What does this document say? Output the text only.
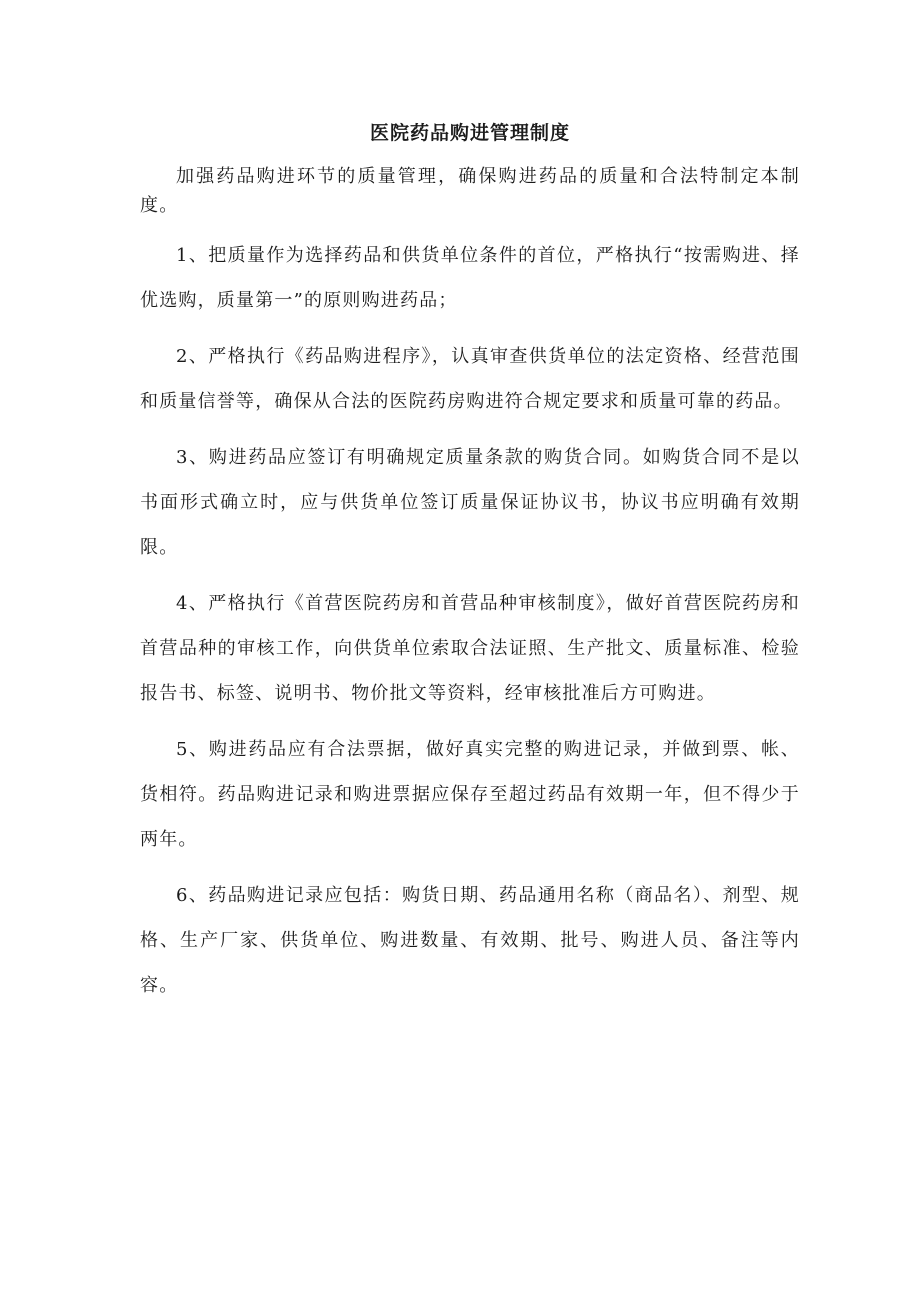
医院药品购进管理制度

加强药品购进环节的质量管理，确保购进药品的质量和合法特制定本制度。

1、把质量作为选择药品和供货单位条件的首位，严格执行“按需购进、择优选购，质量第一”的原则购进药品；

2、严格执行《药品购进程序》，认真审查供货单位的法定资格、经营范围和质量信誉等，确保从合法的医院药房购进符合规定要求和质量可靠的药品。

3、购进药品应签订有明确规定质量条款的购货合同。如购货合同不是以书面形式确立时，应与供货单位签订质量保证协议书，协议书应明确有效期限。

4、严格执行《首营医院药房和首营品种审核制度》，做好首营医院药房和首营品种的审核工作，向供货单位索取合法证照、生产批文、质量标准、检验报告书、标签、说明书、物价批文等资料，经审核批准后方可购进。

5、购进药品应有合法票据，做好真实完整的购进记录，并做到票、帐、货相符。药品购进记录和购进票据应保存至超过药品有效期一年，但不得少于两年。

6、药品购进记录应包括：购货日期、药品通用名称（商品名）、剂型、规格、生产厂家、供货单位、购进数量、有效期、批号、购进人员、备注等内容。
